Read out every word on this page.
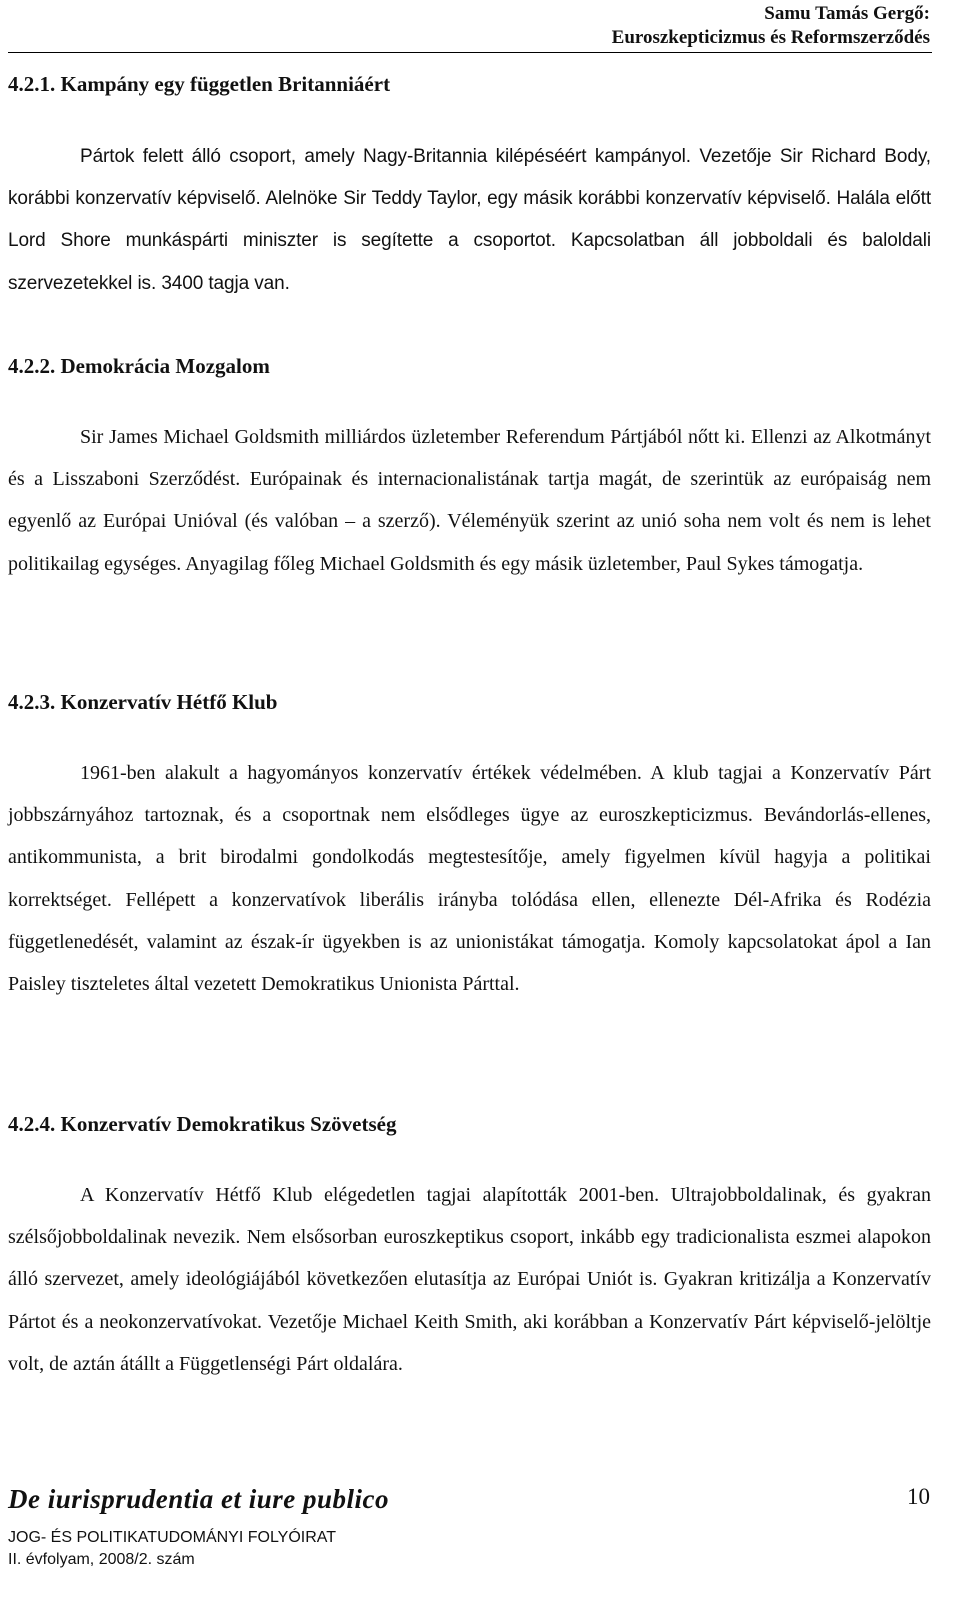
Samu Tamás Gergő:
Euroszkepticizmus és Reformszerződés
4.2.1. Kampány egy független Britanniáért

Pártok felett álló csoport, amely Nagy-Britannia kilépéséért kampányol. Vezetője Sir Richard Body, korábbi konzervatív képviselő. Alelnöke Sir Teddy Taylor, egy másik korábbi konzervatív képviselő. Halála előtt Lord Shore munkáspárti miniszter is segítette a csoportot. Kapcsolatban áll jobboldali és baloldali szervezetekkel is. 3400 tagja van.

4.2.2. Demokrácia Mozgalom

Sir James Michael Goldsmith milliárdos üzletember Referendum Pártjából nőtt ki. Ellenzi az Alkotmányt és a Lisszaboni Szerződést. Európainak és internacionalistának tartja magát, de szerintük az európaiság nem egyenlő az Európai Unióval (és valóban – a szerző). Véleményük szerint az unió soha nem volt és nem is lehet politikailag egységes. Anyagilag főleg Michael Goldsmith és egy másik üzletember, Paul Sykes támogatja.

4.2.3. Konzervatív Hétfő Klub

1961-ben alakult a hagyományos konzervatív értékek védelmében. A klub tagjai a Konzervatív Párt jobbszárnyához tartoznak, és a csoportnak nem elsődleges ügye az euroszkepticizmus. Bevándorlás-ellenes, antikommunista, a brit birodalmi gondolkodás megtestesítője, amely figyelmen kívül hagyja a politikai korrektséget. Fellépett a konzervatívok liberális irányba tolódása ellen, ellenezte Dél-Afrika és Rodézia függetlenedését, valamint az észak-ír ügyekben is az unionistákat támogatja. Komoly kapcsolatokat ápol a Ian Paisley tiszteletes által vezetett Demokratikus Unionista Párttal.

4.2.4. Konzervatív Demokratikus Szövetség

A Konzervatív Hétfő Klub elégedetlen tagjai alapították 2001-ben. Ultrajobboldalinak, és gyakran szélsőjobboldalinak nevezik. Nem elsősorban euroszkeptikus csoport, inkább egy tradicionalista eszmei alapokon álló szervezet, amely ideológiájából következően elutasítja az Európai Uniót is. Gyakran kritizálja a Konzervatív Pártot és a neokonzervatívokat. Vezetője Michael Keith Smith, aki korábban a Konzervatív Párt képviselő-jelöltje volt, de aztán átállt a Függetlenségi Párt oldalára.

De iurisprudentia et iure publico
JOG- ÉS POLITIKATUDOMÁNYI FOLYÓIRAT
II. évfolyam, 2008/2. szám
10
